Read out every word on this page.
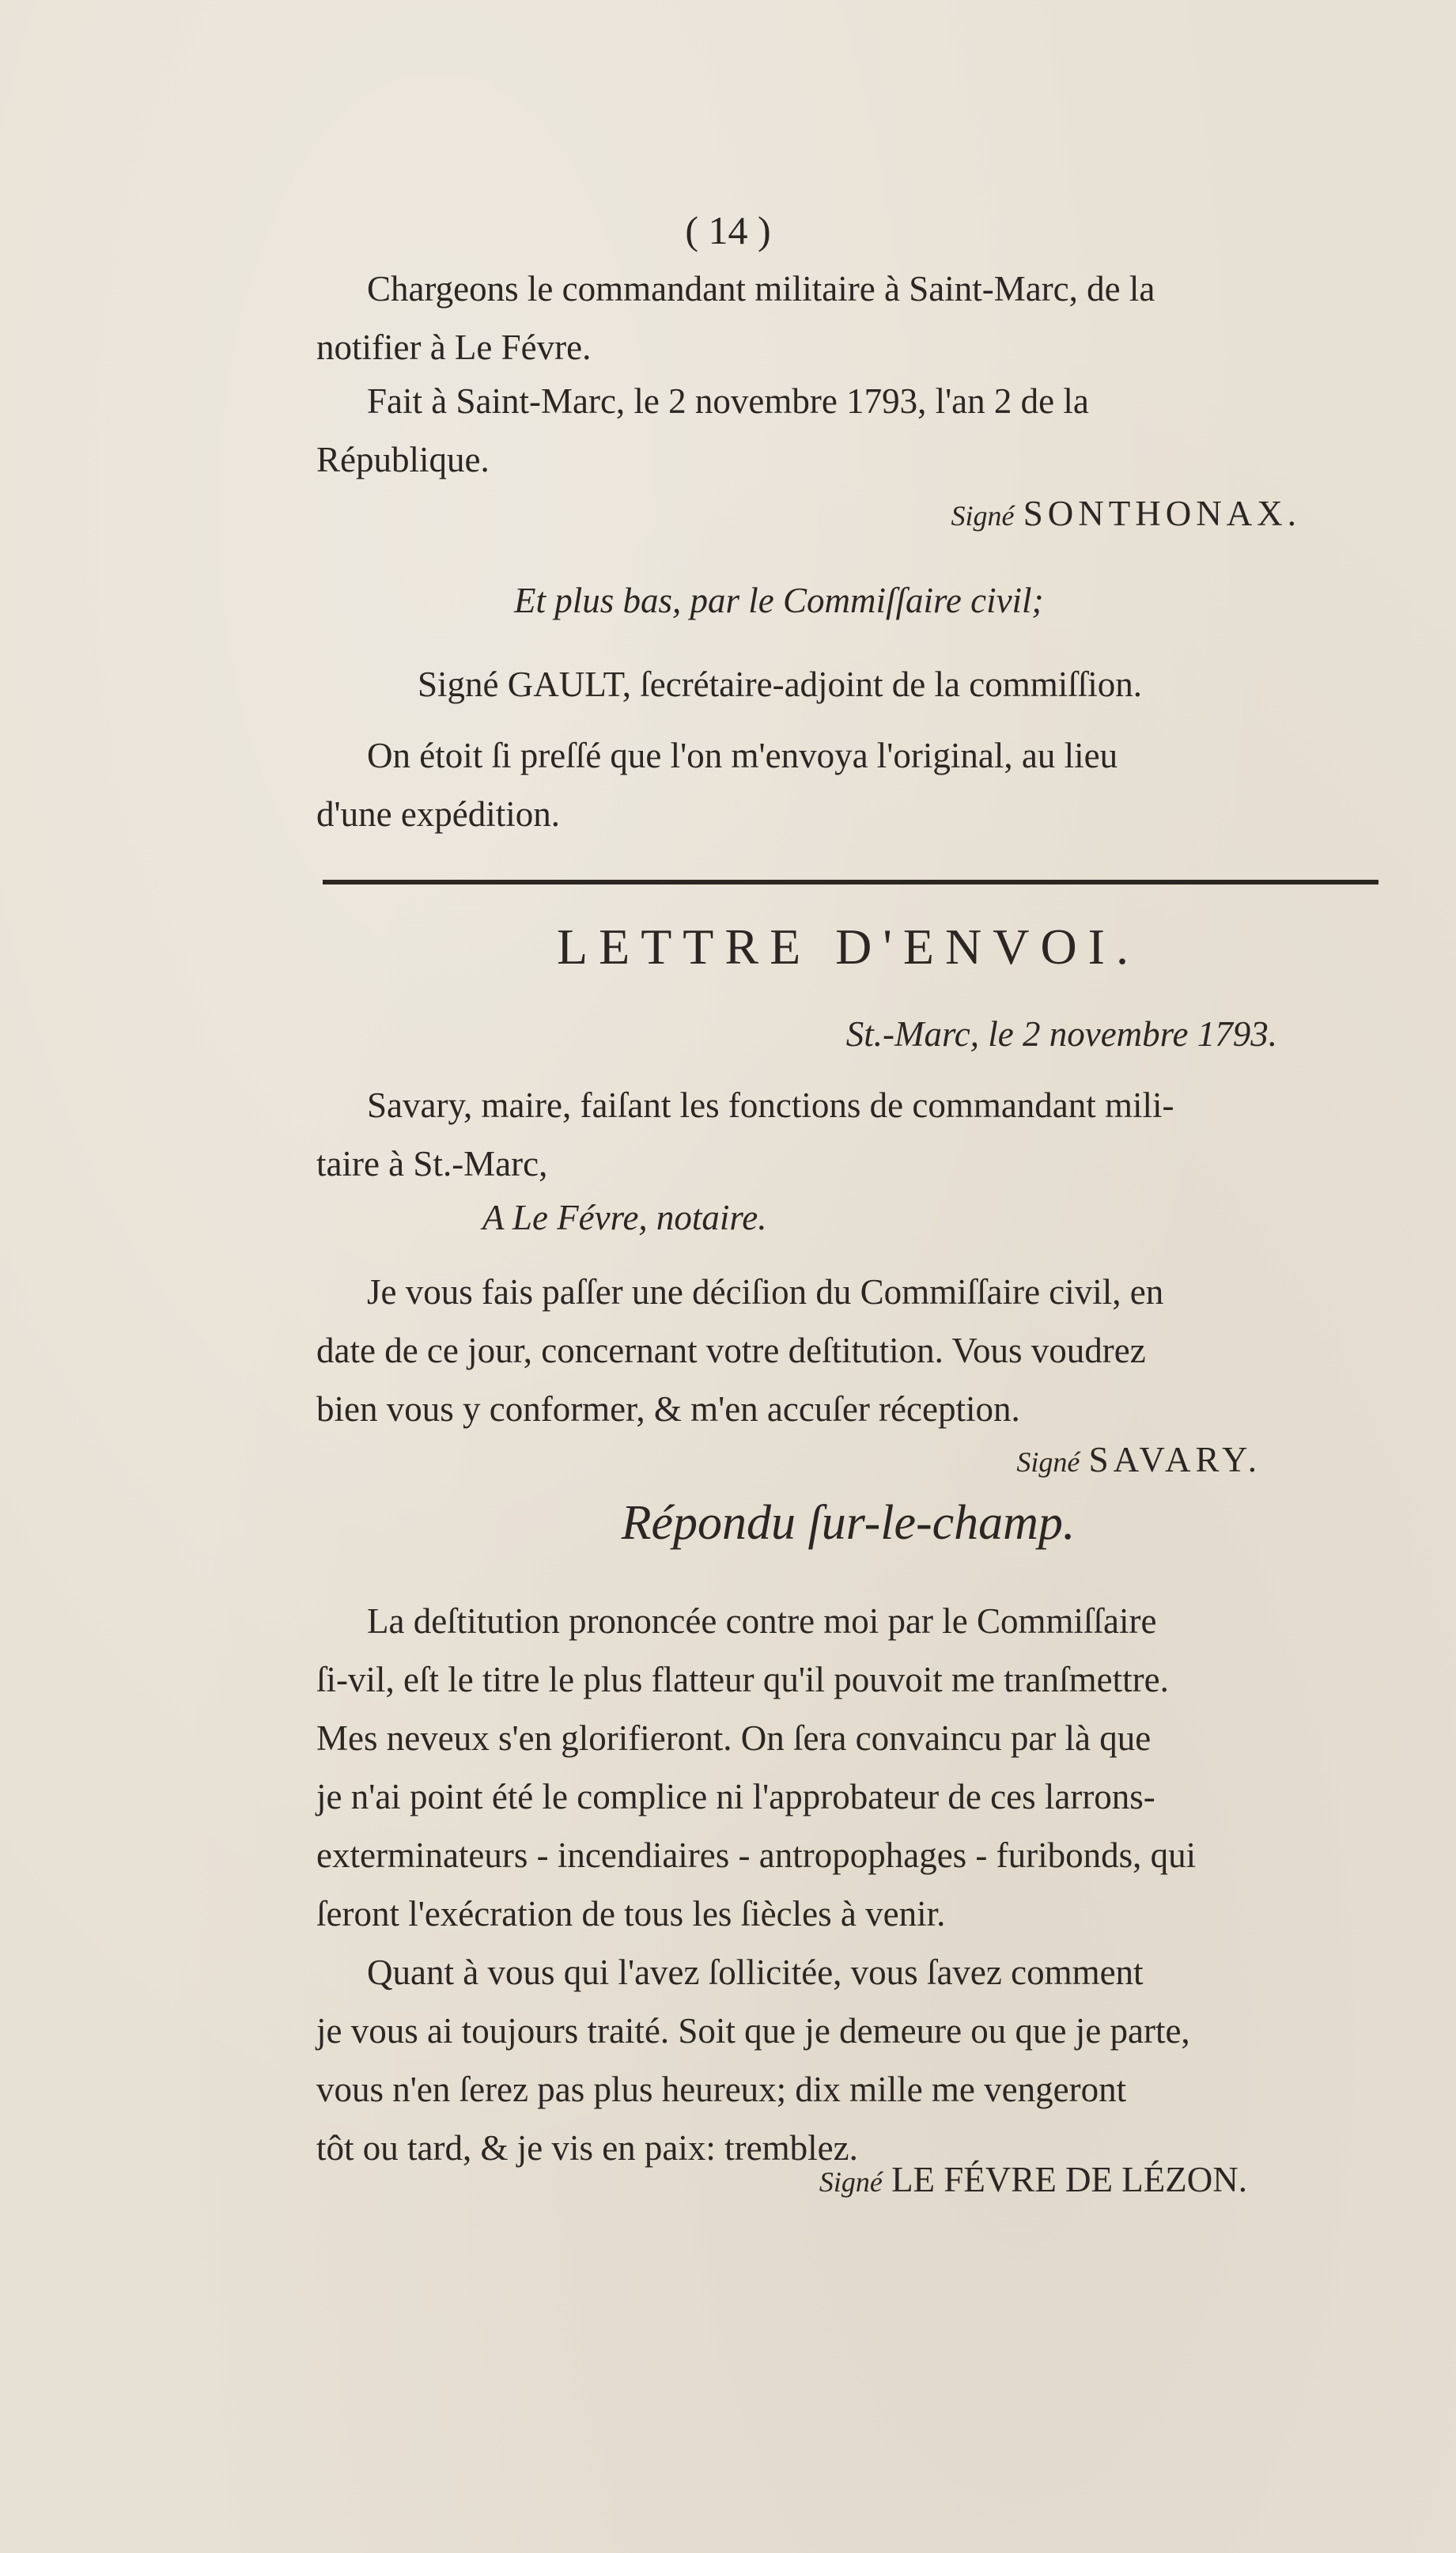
( 14 )
Chargeons le commandant militaire à Saint-Marc, de la
notifier à Le Févre.
Fait à Saint-Marc, le 2 novembre 1793, l'an 2 de la
République.
Signé SONTHONAX.
Et plus bas, par le Commiſſaire civil;
Signé GAULT, ſecrétaire-adjoint de la commiſſion.
On étoit ſi preſſé que l'on m'envoya l'original, au lieu
d'une expédition.
LETTRE D'ENVOI.
St.-Marc, le 2 novembre 1793.
Savary, maire, faiſant les fonctions de commandant mili-
taire à St.-Marc,
A Le Févre, notaire.
Je vous fais paſſer une déciſion du Commiſſaire civil, en
date de ce jour, concernant votre deſtitution. Vous voudrez
bien vous y conformer, & m'en accuſer réception.
Signé SAVARY.
Répondu ſur-le-champ.
La deſtitution prononcée contre moi par le Commiſſaire
ſi-vil, eſt le titre le plus flatteur qu'il pouvoit me tranſmettre.
Mes neveux s'en glorifieront. On ſera convaincu par là que
je n'ai point été le complice ni l'approbateur de ces larrons-
exterminateurs - incendiaires - antropophages - furibonds, qui
ſeront l'exécration de tous les ſiècles à venir.
Quant à vous qui l'avez ſollicitée, vous ſavez comment
je vous ai toujours traité. Soit que je demeure ou que je parte,
vous n'en ſerez pas plus heureux; dix mille me vengeront
tôt ou tard, & je vis en paix: tremblez.
Signé LE FÉVRE DE LÉZON.
